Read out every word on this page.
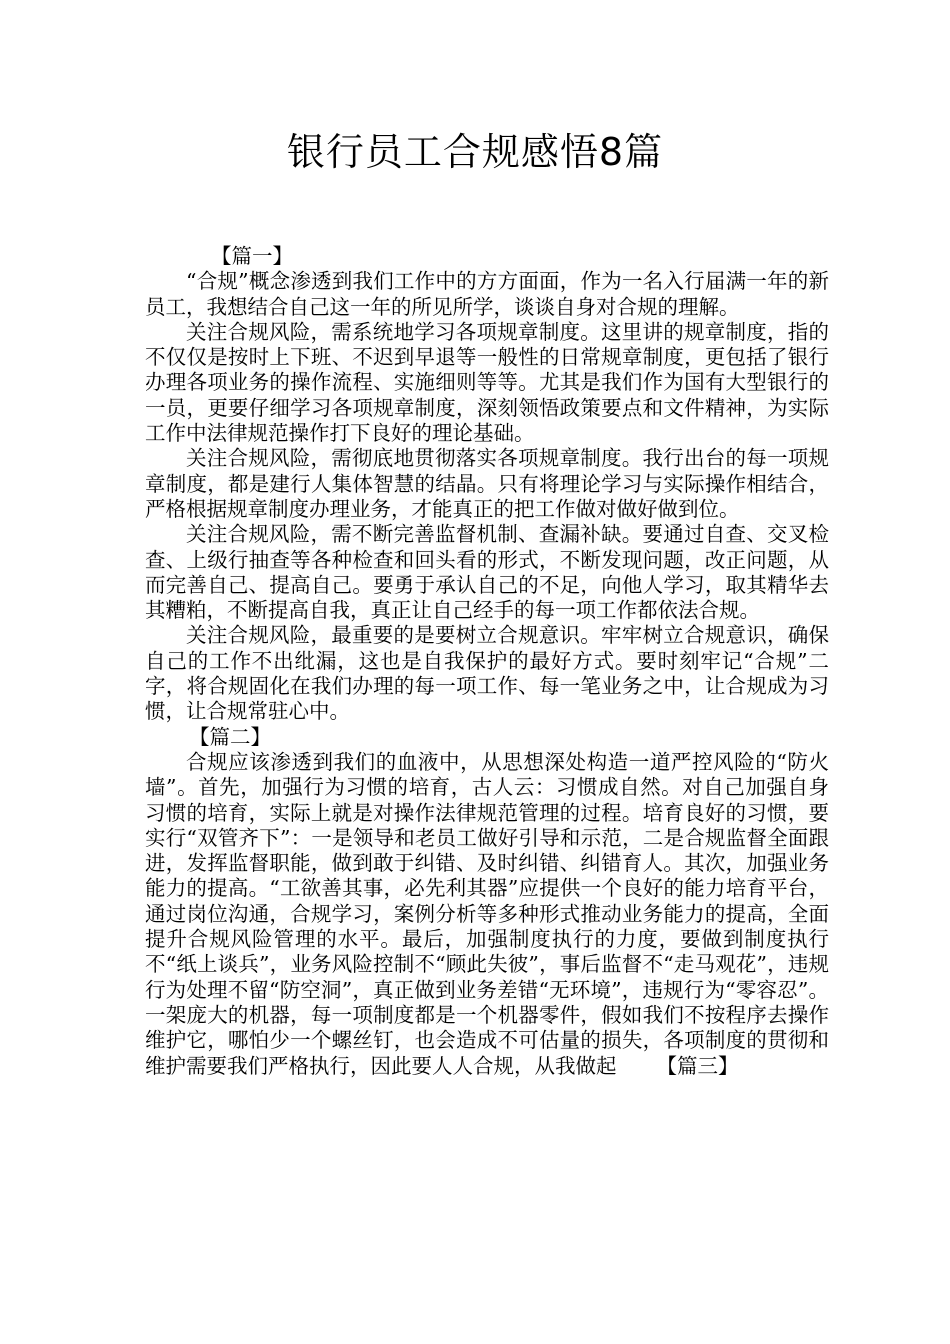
银行员工合规感悟8篇
【篇一】

“合规”概念渗透到我们工作中的方方面面，作为一名入行届满一年的新员工，我想结合自己这一年的所见所学，谈谈自身对合规的理解。

关注合规风险，需系统地学习各项规章制度。这里讲的规章制度，指的不仅仅是按时上下班、不迟到早退等一般性的日常规章制度，更包括了银行办理各项业务的操作流程、实施细则等等。尤其是我们作为国有大型银行的一员，更要仔细学习各项规章制度，深刻领悟政策要点和文件精神，为实际工作中法律规范操作打下良好的理论基础。

关注合规风险，需彻底地贯彻落实各项规章制度。我行出台的每一项规章制度，都是建行人集体智慧的结晶。只有将理论学习与实际操作相结合，严格根据规章制度办理业务，才能真正的把工作做对做好做到位。

关注合规风险，需不断完善监督机制、查漏补缺。要通过自查、交叉检查、上级行抽查等各种检查和回头看的形式，不断发现问题，改正问题，从而完善自己、提高自己。要勇于承认自己的不足，向他人学习，取其精华去其糟粕，不断提高自我，真正让自己经手的每一项工作都依法合规。

关注合规风险，最重要的是要树立合规意识。牢牢树立合规意识，确保自己的工作不出纰漏，这也是自我保护的最好方式。要时刻牢记“合规”二字，将合规固化在我们办理的每一项工作、每一笔业务之中，让合规成为习惯，让合规常驻心中。

【篇二】

合规应该渗透到我们的血液中，从思想深处构造一道严控风险的“防火墙”。首先，加强行为习惯的培育，古人云：习惯成自然。对自己加强自身习惯的培育，实际上就是对操作法律规范管理的过程。培育良好的习惯，要实行“双管齐下”：一是领导和老员工做好引导和示范，二是合规监督全面跟进，发挥监督职能，做到敢于纠错、及时纠错、纠错育人。其次，加强业务能力的提高。“工欲善其事，必先利其器”应提供一个良好的能力培育平台，通过岗位沟通，合规学习，案例分析等多种形式推动业务能力的提高，全面提升合规风险管理的水平。最后，加强制度执行的力度，要做到制度执行不“纸上谈兵”，业务风险控制不“顾此失彼”，事后监督不“走马观花”，违规行为处理不留“防空洞”，真正做到业务差错“无环境”，违规行为“零容忍”。一架庞大的机器，每一项制度都是一个机器零件，假如我们不按程序去操作维护它，哪怕少一个螺丝钉，也会造成不可估量的损失，各项制度的贯彻和维护需要我们严格执行，因此要人人合规，从我做起 【篇三】
